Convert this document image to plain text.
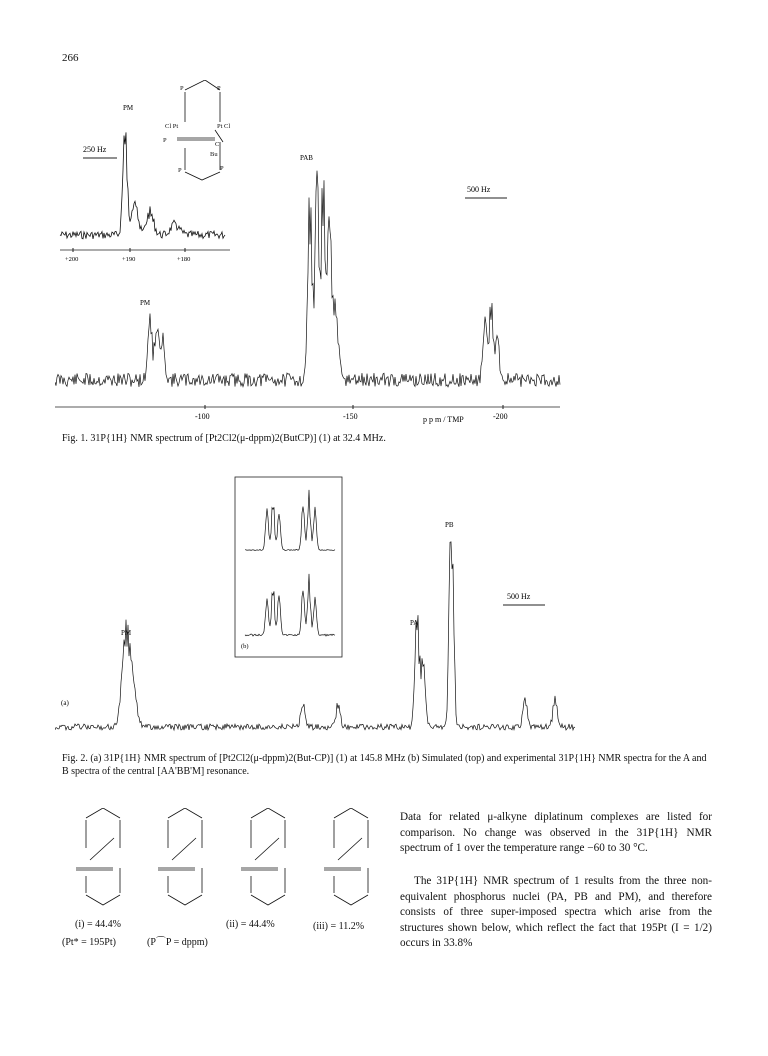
266
PM
250 Hz
+200	+190	+180
P	P
Cl Pt	Pt Cl
P
C
Bu
P	P
PAB
PM
500 Hz
-100	-150	-200
p p m / TMP
Fig. 1. 31P{1H} NMR spectrum of [Pt2Cl2(μ-dppm)2(ButCP)] (1) at 32.4 MHz.
(b)
PM
PA
PB
500 Hz
(a)
Fig. 2. (a) 31P{1H} NMR spectrum of [Pt2Cl2(μ-dppm)2(But-CP)] (1) at 145.8 MHz (b) Simulated (top) and experimental 31P{1H} NMR spectra for the A and B spectra of the central [AA'BB'M] resonance.
(i) = 44.4%	(ii) = 44.4%	(iii) = 11.2%
(Pt* = 195Pt)	(P⌒P = dppm)
Data for related μ-alkyne diplatinum complexes are listed for comparison. No change was observed in the 31P{1H} NMR spectrum of 1 over the temperature range −60 to 30 °C.
The 31P{1H} NMR spectrum of 1 results from the three non-equivalent phosphorus nuclei (PA, PB and PM), and therefore consists of three super-imposed spectra which arise from the structures shown below, which reflect the fact that 195Pt (I = 1/2) occurs in 33.8%
